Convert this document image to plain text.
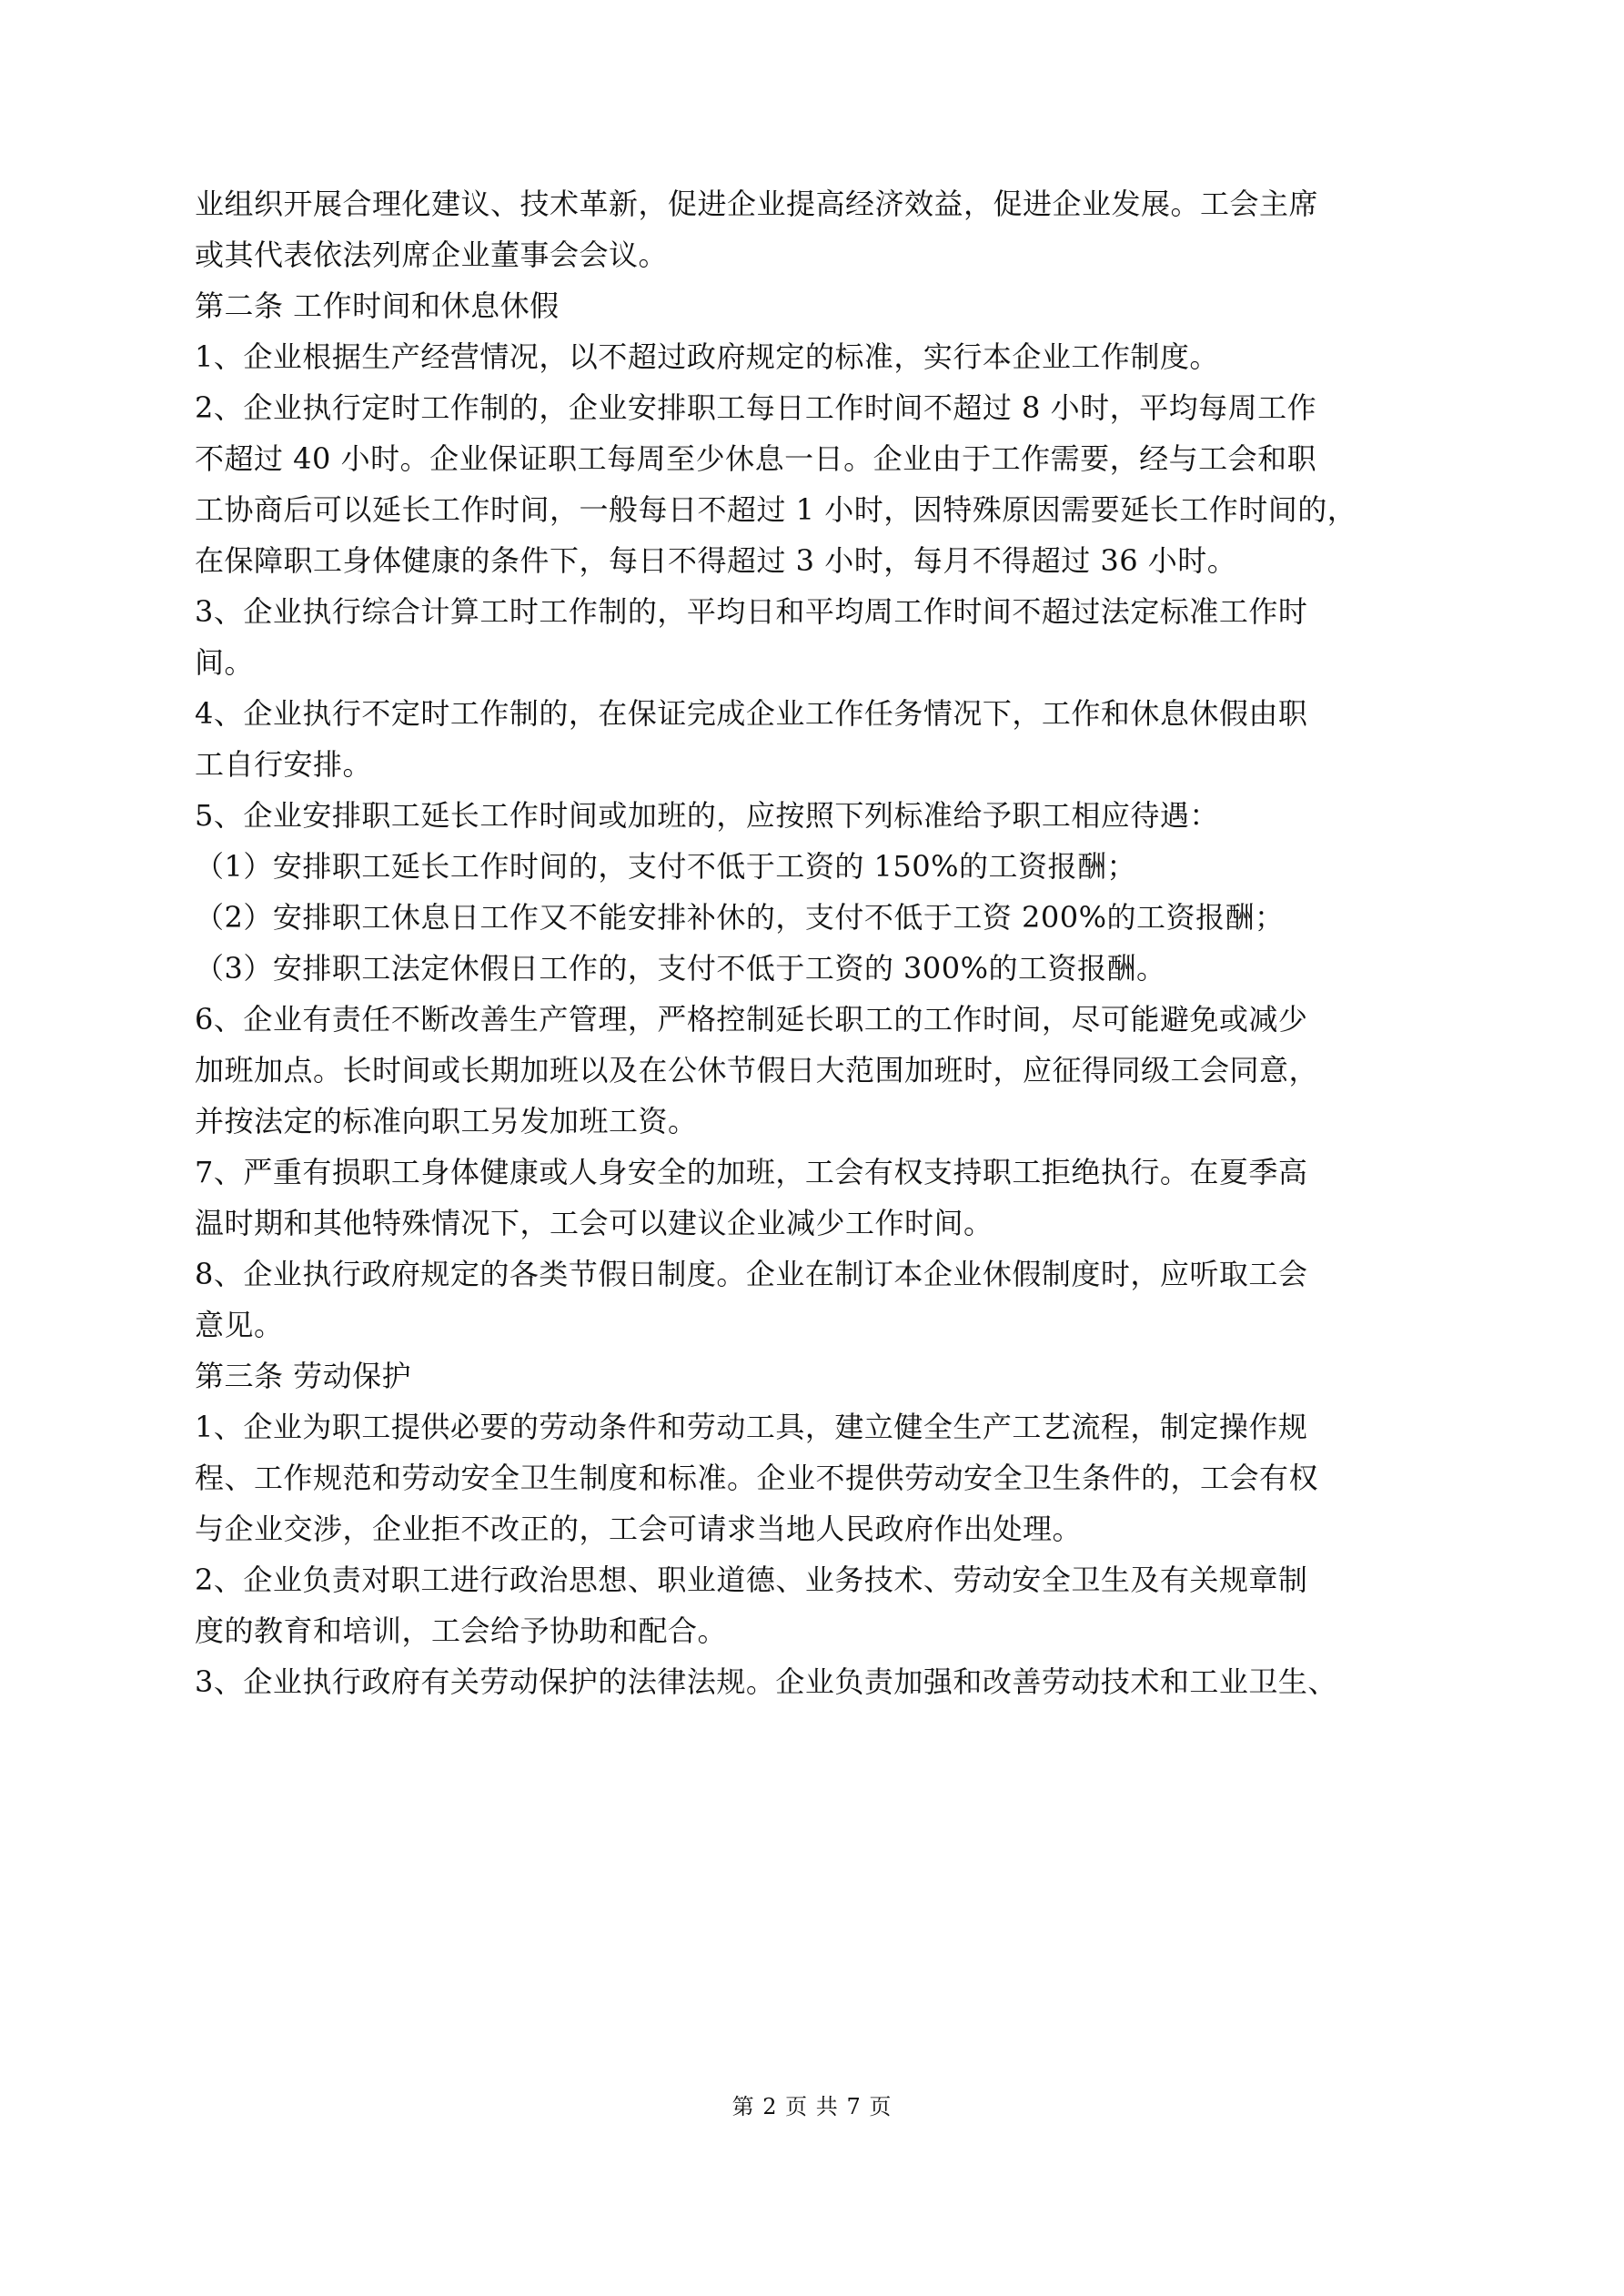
业组织开展合理化建议、技术革新，促进企业提高经济效益，促进企业发展。工会主席

或其代表依法列席企业董事会会议。

第二条 工作时间和休息休假

1、企业根据生产经营情况，以不超过政府规定的标准，实行本企业工作制度。

2、企业执行定时工作制的，企业安排职工每日工作时间不超过 8 小时，平均每周工作

不超过 40 小时。企业保证职工每周至少休息一日。企业由于工作需要，经与工会和职

工协商后可以延长工作时间，一般每日不超过 1 小时，因特殊原因需要延长工作时间的，

在保障职工身体健康的条件下，每日不得超过 3 小时，每月不得超过 36 小时。

3、企业执行综合计算工时工作制的，平均日和平均周工作时间不超过法定标准工作时

间。

4、企业执行不定时工作制的，在保证完成企业工作任务情况下，工作和休息休假由职

工自行安排。

5、企业安排职工延长工作时间或加班的，应按照下列标准给予职工相应待遇：

（1）安排职工延长工作时间的，支付不低于工资的 150%的工资报酬；

（2）安排职工休息日工作又不能安排补休的，支付不低于工资 200%的工资报酬；

（3）安排职工法定休假日工作的，支付不低于工资的 300%的工资报酬。

6、企业有责任不断改善生产管理，严格控制延长职工的工作时间，尽可能避免或减少

加班加点。长时间或长期加班以及在公休节假日大范围加班时，应征得同级工会同意，

并按法定的标准向职工另发加班工资。

7、严重有损职工身体健康或人身安全的加班，工会有权支持职工拒绝执行。在夏季高

温时期和其他特殊情况下，工会可以建议企业减少工作时间。

8、企业执行政府规定的各类节假日制度。企业在制订本企业休假制度时，应听取工会

意见。

第三条 劳动保护

1、企业为职工提供必要的劳动条件和劳动工具，建立健全生产工艺流程，制定操作规

程、工作规范和劳动安全卫生制度和标准。企业不提供劳动安全卫生条件的，工会有权

与企业交涉，企业拒不改正的，工会可请求当地人民政府作出处理。

2、企业负责对职工进行政治思想、职业道德、业务技术、劳动安全卫生及有关规章制

度的教育和培训，工会给予协助和配合。

3、企业执行政府有关劳动保护的法律法规。企业负责加强和改善劳动技术和工业卫生、

第 2 页 共 7 页
